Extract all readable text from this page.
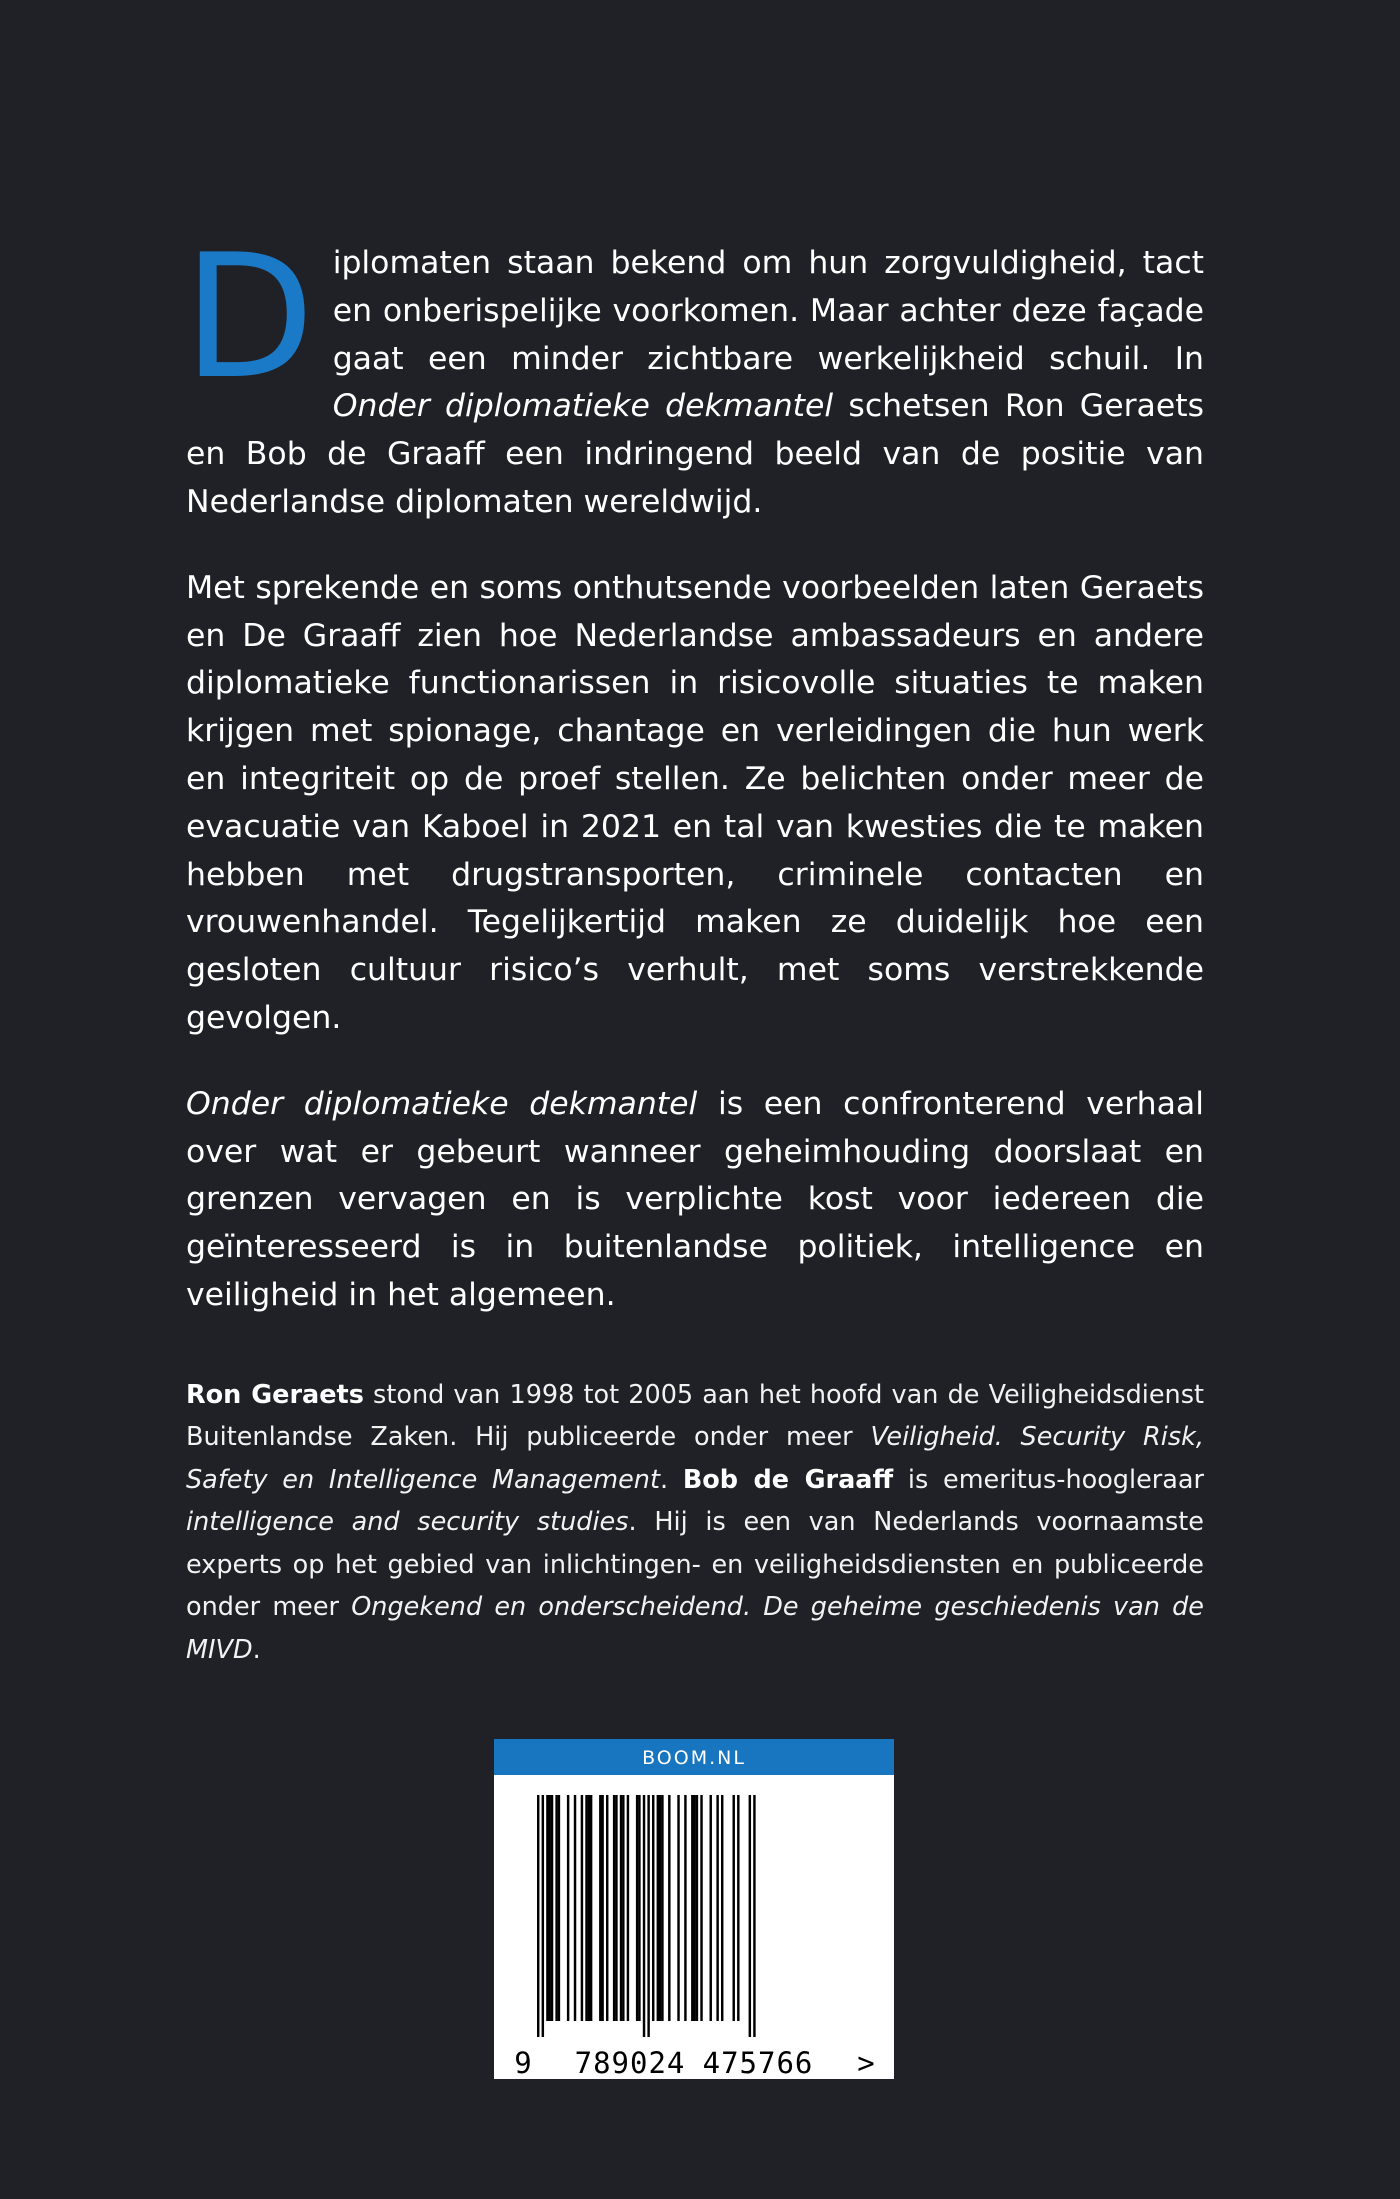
Diplomaten staan bekend om hun zorgvuldigheid, tact en onberispelijke voorkomen. Maar achter deze façade gaat een minder zichtbare werkelijkheid schuil. In Onder diplomatieke dekmantel schetsen Ron Geraets en Bob de Graaff een indringend beeld van de positie van Nederlandse diplomaten wereldwijd.

Met sprekende en soms onthutsende voorbeelden laten Geraets en De Graaff zien hoe Nederlandse ambassadeurs en andere diplomatieke functionarissen in risicovolle situaties te maken krijgen met spionage, chantage en verleidingen die hun werk en integriteit op de proef stellen. Ze belichten onder meer de evacuatie van Kaboel in 2021 en tal van kwesties die te maken hebben met drugstransporten, criminele contacten en vrouwenhandel. Tegelijkertijd maken ze duidelijk hoe een gesloten cultuur risico’s verhult, met soms verstrekkende gevolgen.

Onder diplomatieke dekmantel is een confronterend verhaal over wat er gebeurt wanneer geheimhouding doorslaat en grenzen vervagen en is verplichte kost voor iedereen die geïnteresseerd is in buitenlandse politiek, intelligence en veiligheid in het algemeen.

Ron Geraets stond van 1998 tot 2005 aan het hoofd van de Veiligheidsdienst Buitenlandse Zaken. Hij publiceerde onder meer Veiligheid. Security Risk, Safety en Intelligence Management. Bob de Graaff is emeritus-hoogleraar intelligence and security studies. Hij is een van Nederlands voornaamste experts op het gebied van inlichtingen- en veiligheidsdiensten en publiceerde onder meer Ongekend en onderscheidend. De geheime geschiedenis van de MIVD.
BOOM.NL
9 789024 475766 >
